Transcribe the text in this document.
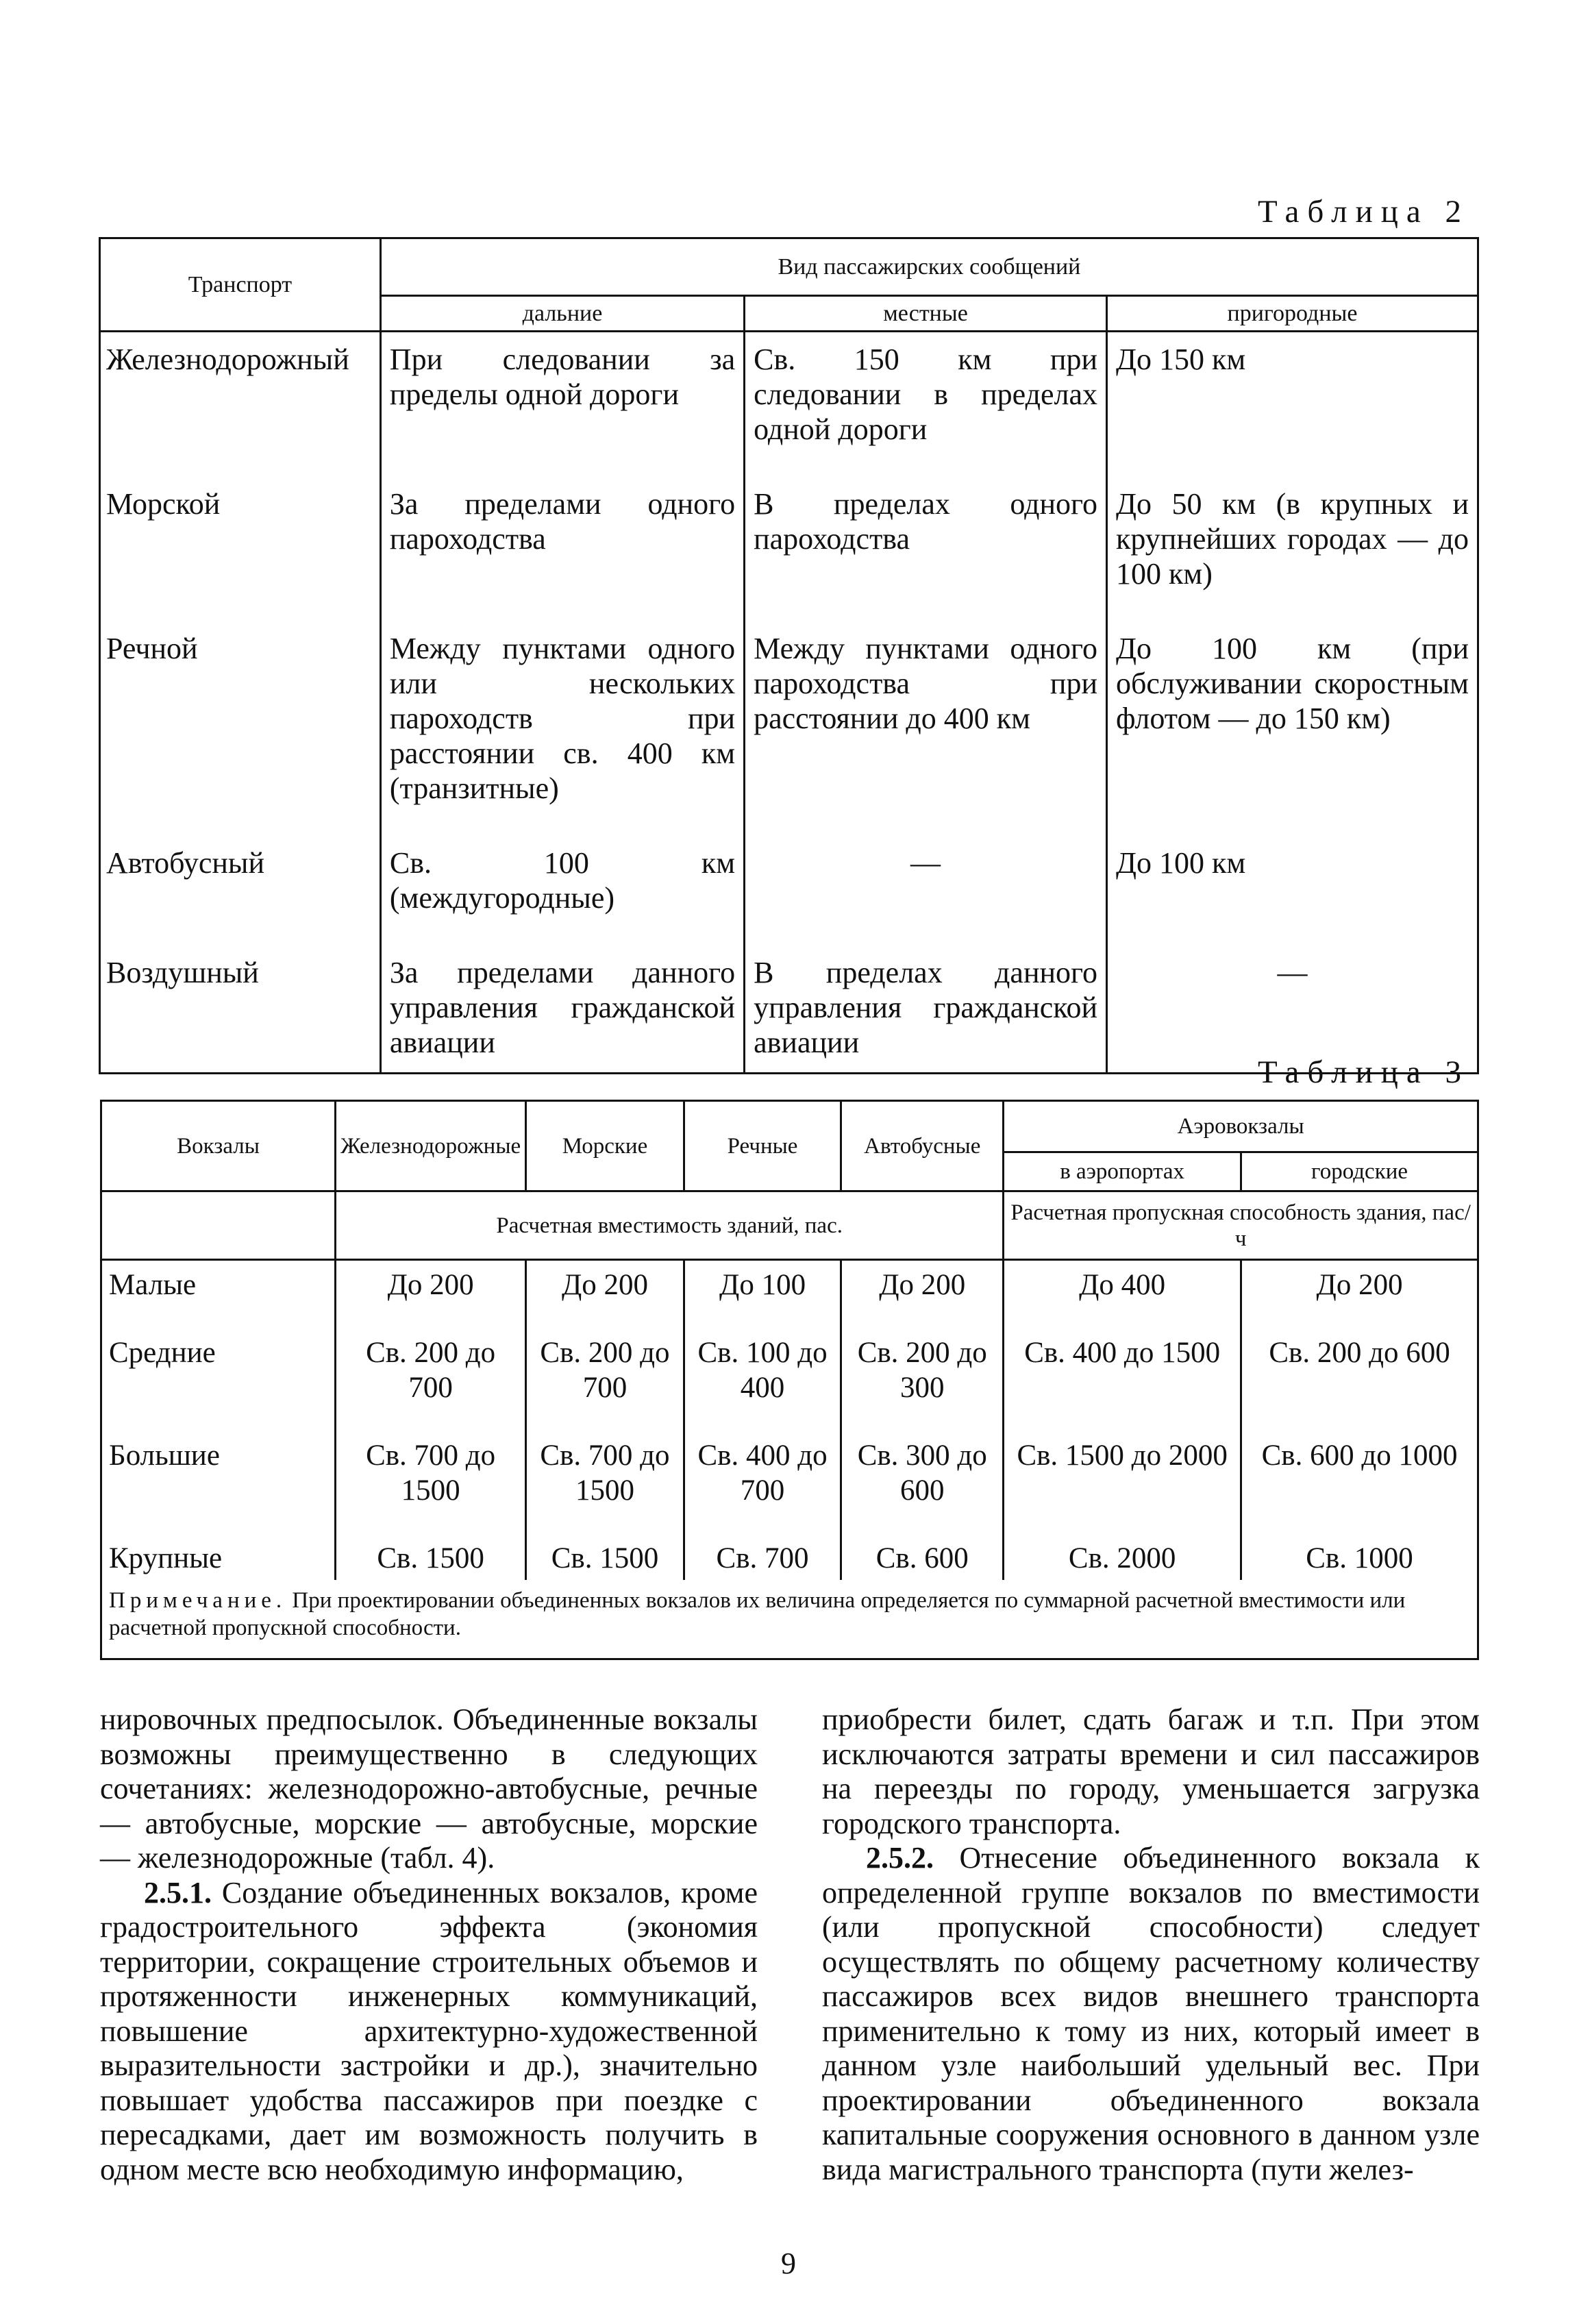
Таблица 2
Транспорт	Вид пассажирских сообщений		
	дальние	местные	пригородные
Железнодорожный	При следовании за пределы одной дороги	Св. 150 км при следовании в пределах одной дороги	До 150 км
Морской	За пределами одного пароходства	В пределах одного пароходства	До 50 км (в крупных и крупнейших городах — до 100 км)
Речной	Между пунктами одного или нескольких пароходств при расстоянии св. 400 км (транзитные)	Между пунктами одного пароходства при расстоянии до 400 км	До 100 км (при обслуживании скоростным флотом — до 150 км)
Автобусный	Св. 100 км (междугородные)	—	До 100 км
Воздушный	За пределами данного управления гражданской авиации	В пределах данного управления гражданской авиации	—
Таблица 3
Вокзалы	Железнодорожные	Морские	Речные	Автобусные	Аэровокзалы	
					в аэропортах	городские
	Расчетная вместимость зданий, пас.				Расчетная пропускная способность здания, пас/ч	
Малые	До 200	До 200	До 100	До 200	До 400	До 200
Средние	Св. 200 до 700	Св. 200 до 700	Св. 100 до 400	Св. 200 до 300	Св. 400 до 1500	Св. 200 до 600
Большие	Св. 700 до 1500	Св. 700 до 1500	Св. 400 до 700	Св. 300 до 600	Св. 1500 до 2000	Св. 600 до 1000
Крупные	Св. 1500	Св. 1500	Св. 700	Св. 600	Св. 2000	Св. 1000
Примечание. При проектировании объединенных вокзалов их величина определяется по суммарной расчетной вместимости или расчетной пропускной способности.						

нировочных предпосылок. Объединенные вокзалы возможны преимущественно в следующих сочетаниях: железнодорожно-автобусные, речные — автобусные, морские — автобусные, морские — железнодорожные (табл. 4).

2.5.1. Создание объединенных вокзалов, кроме градостроительного эффекта (экономия территории, сокращение строительных объемов и протяженности инженерных коммуникаций, повышение архитектурно-художественной выразительности застройки и др.), значительно повышает удобства пассажиров при поездке с пересадками, дает им возможность получить в одном месте всю необходимую информацию,

приобрести билет, сдать багаж и т.п. При этом исключаются затраты времени и сил пассажиров на переезды по городу, уменьшается загрузка городского транспорта.

2.5.2. Отнесение объединенного вокзала к определенной группе вокзалов по вместимости (или пропускной способности) следует осуществлять по общему расчетному количеству пассажиров всех видов внешнего транспорта применительно к тому из них, который имеет в данном узле наибольший удельный вес. При проектировании объединенного вокзала капитальные сооружения основного в данном узле вида магистрального транспорта (пути желез-

9
